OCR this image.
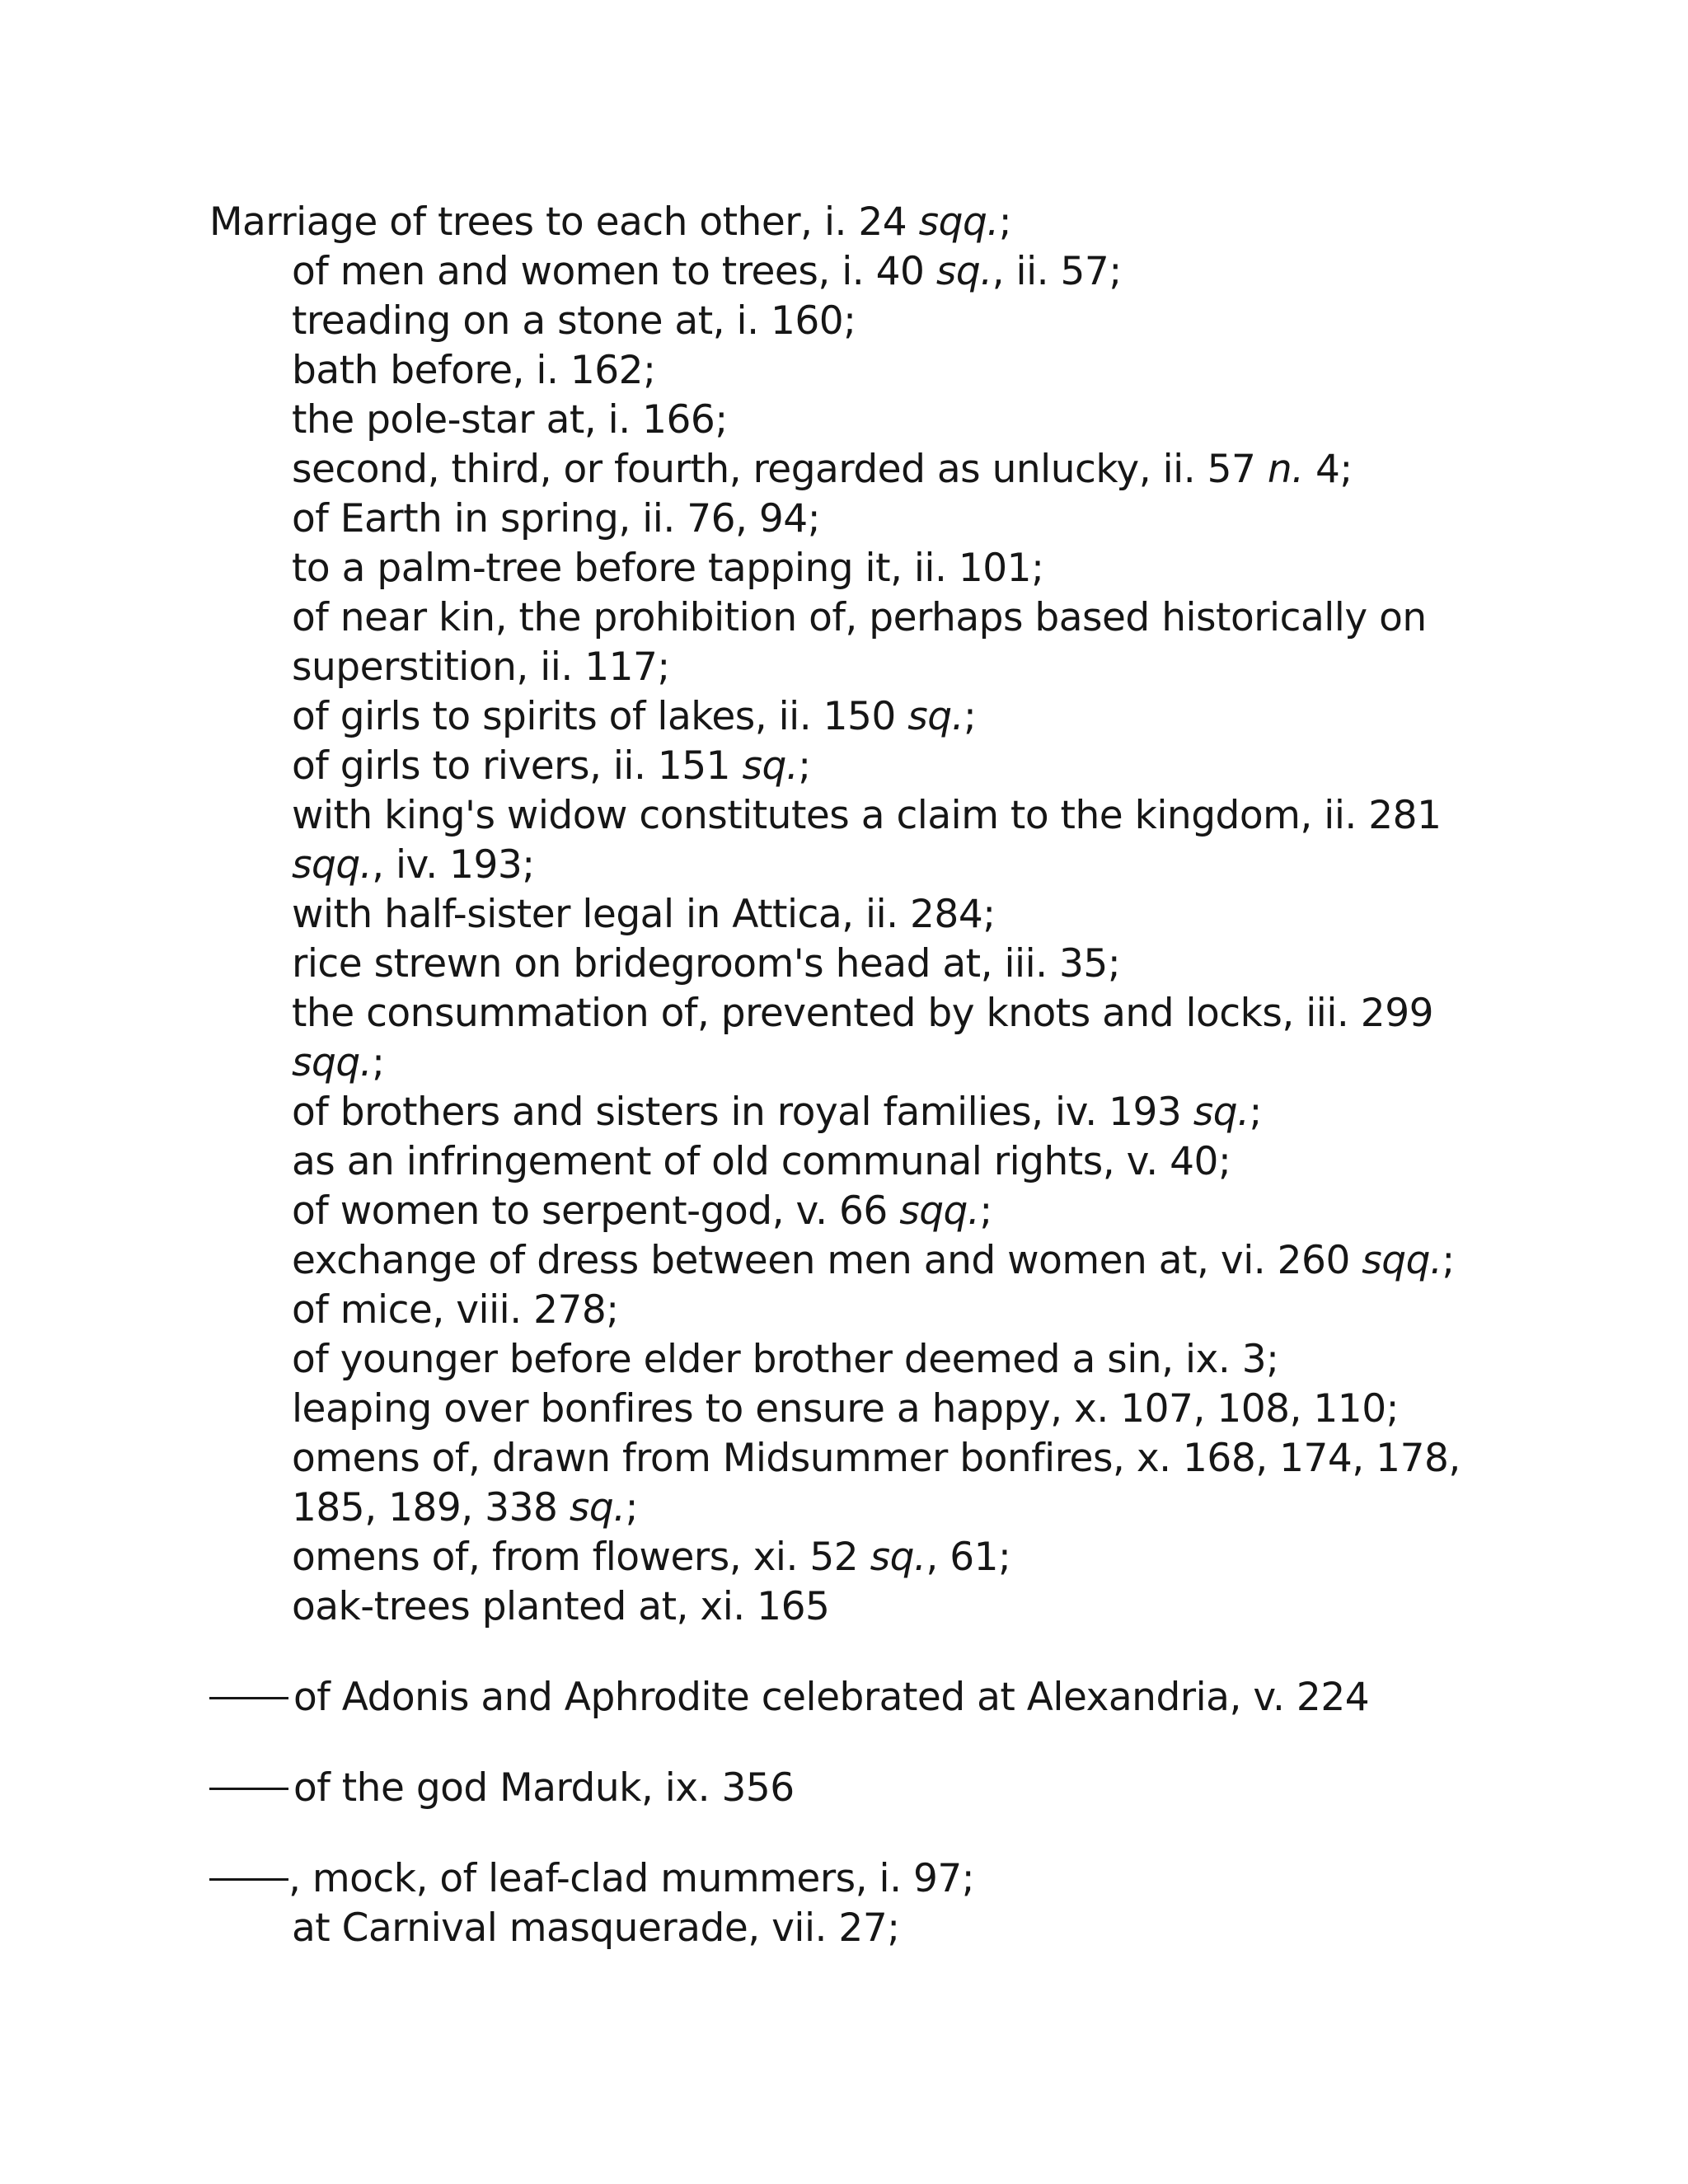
Marriage of trees to each other, i. 24 sqq.;
of men and women to trees, i. 40 sq., ii. 57;
treading on a stone at, i. 160;
bath before, i. 162;
the pole-star at, i. 166;
second, third, or fourth, regarded as unlucky, ii. 57 n. 4;
of Earth in spring, ii. 76, 94;
to a palm-tree before tapping it, ii. 101;
of near kin, the prohibition of, perhaps based historically on
superstition, ii. 117;
of girls to spirits of lakes, ii. 150 sq.;
of girls to rivers, ii. 151 sq.;
with king's widow constitutes a claim to the kingdom, ii. 281
sqq., iv. 193;
with half-sister legal in Attica, ii. 284;
rice strewn on bridegroom's head at, iii. 35;
the consummation of, prevented by knots and locks, iii. 299
sqq.;
of brothers and sisters in royal families, iv. 193 sq.;
as an infringement of old communal rights, v. 40;
of women to serpent-god, v. 66 sqq.;
exchange of dress between men and women at, vi. 260 sqq.;
of mice, viii. 278;
of younger before elder brother deemed a sin, ix. 3;
leaping over bonfires to ensure a happy, x. 107, 108, 110;
omens of, drawn from Midsummer bonfires, x. 168, 174, 178,
185, 189, 338 sq.;
omens of, from flowers, xi. 52 sq., 61;
oak-trees planted at, xi. 165
of Adonis and Aphrodite celebrated at Alexandria, v. 224
of the god Marduk, ix. 356
, mock, of leaf-clad mummers, i. 97;
at Carnival masquerade, vii. 27;
